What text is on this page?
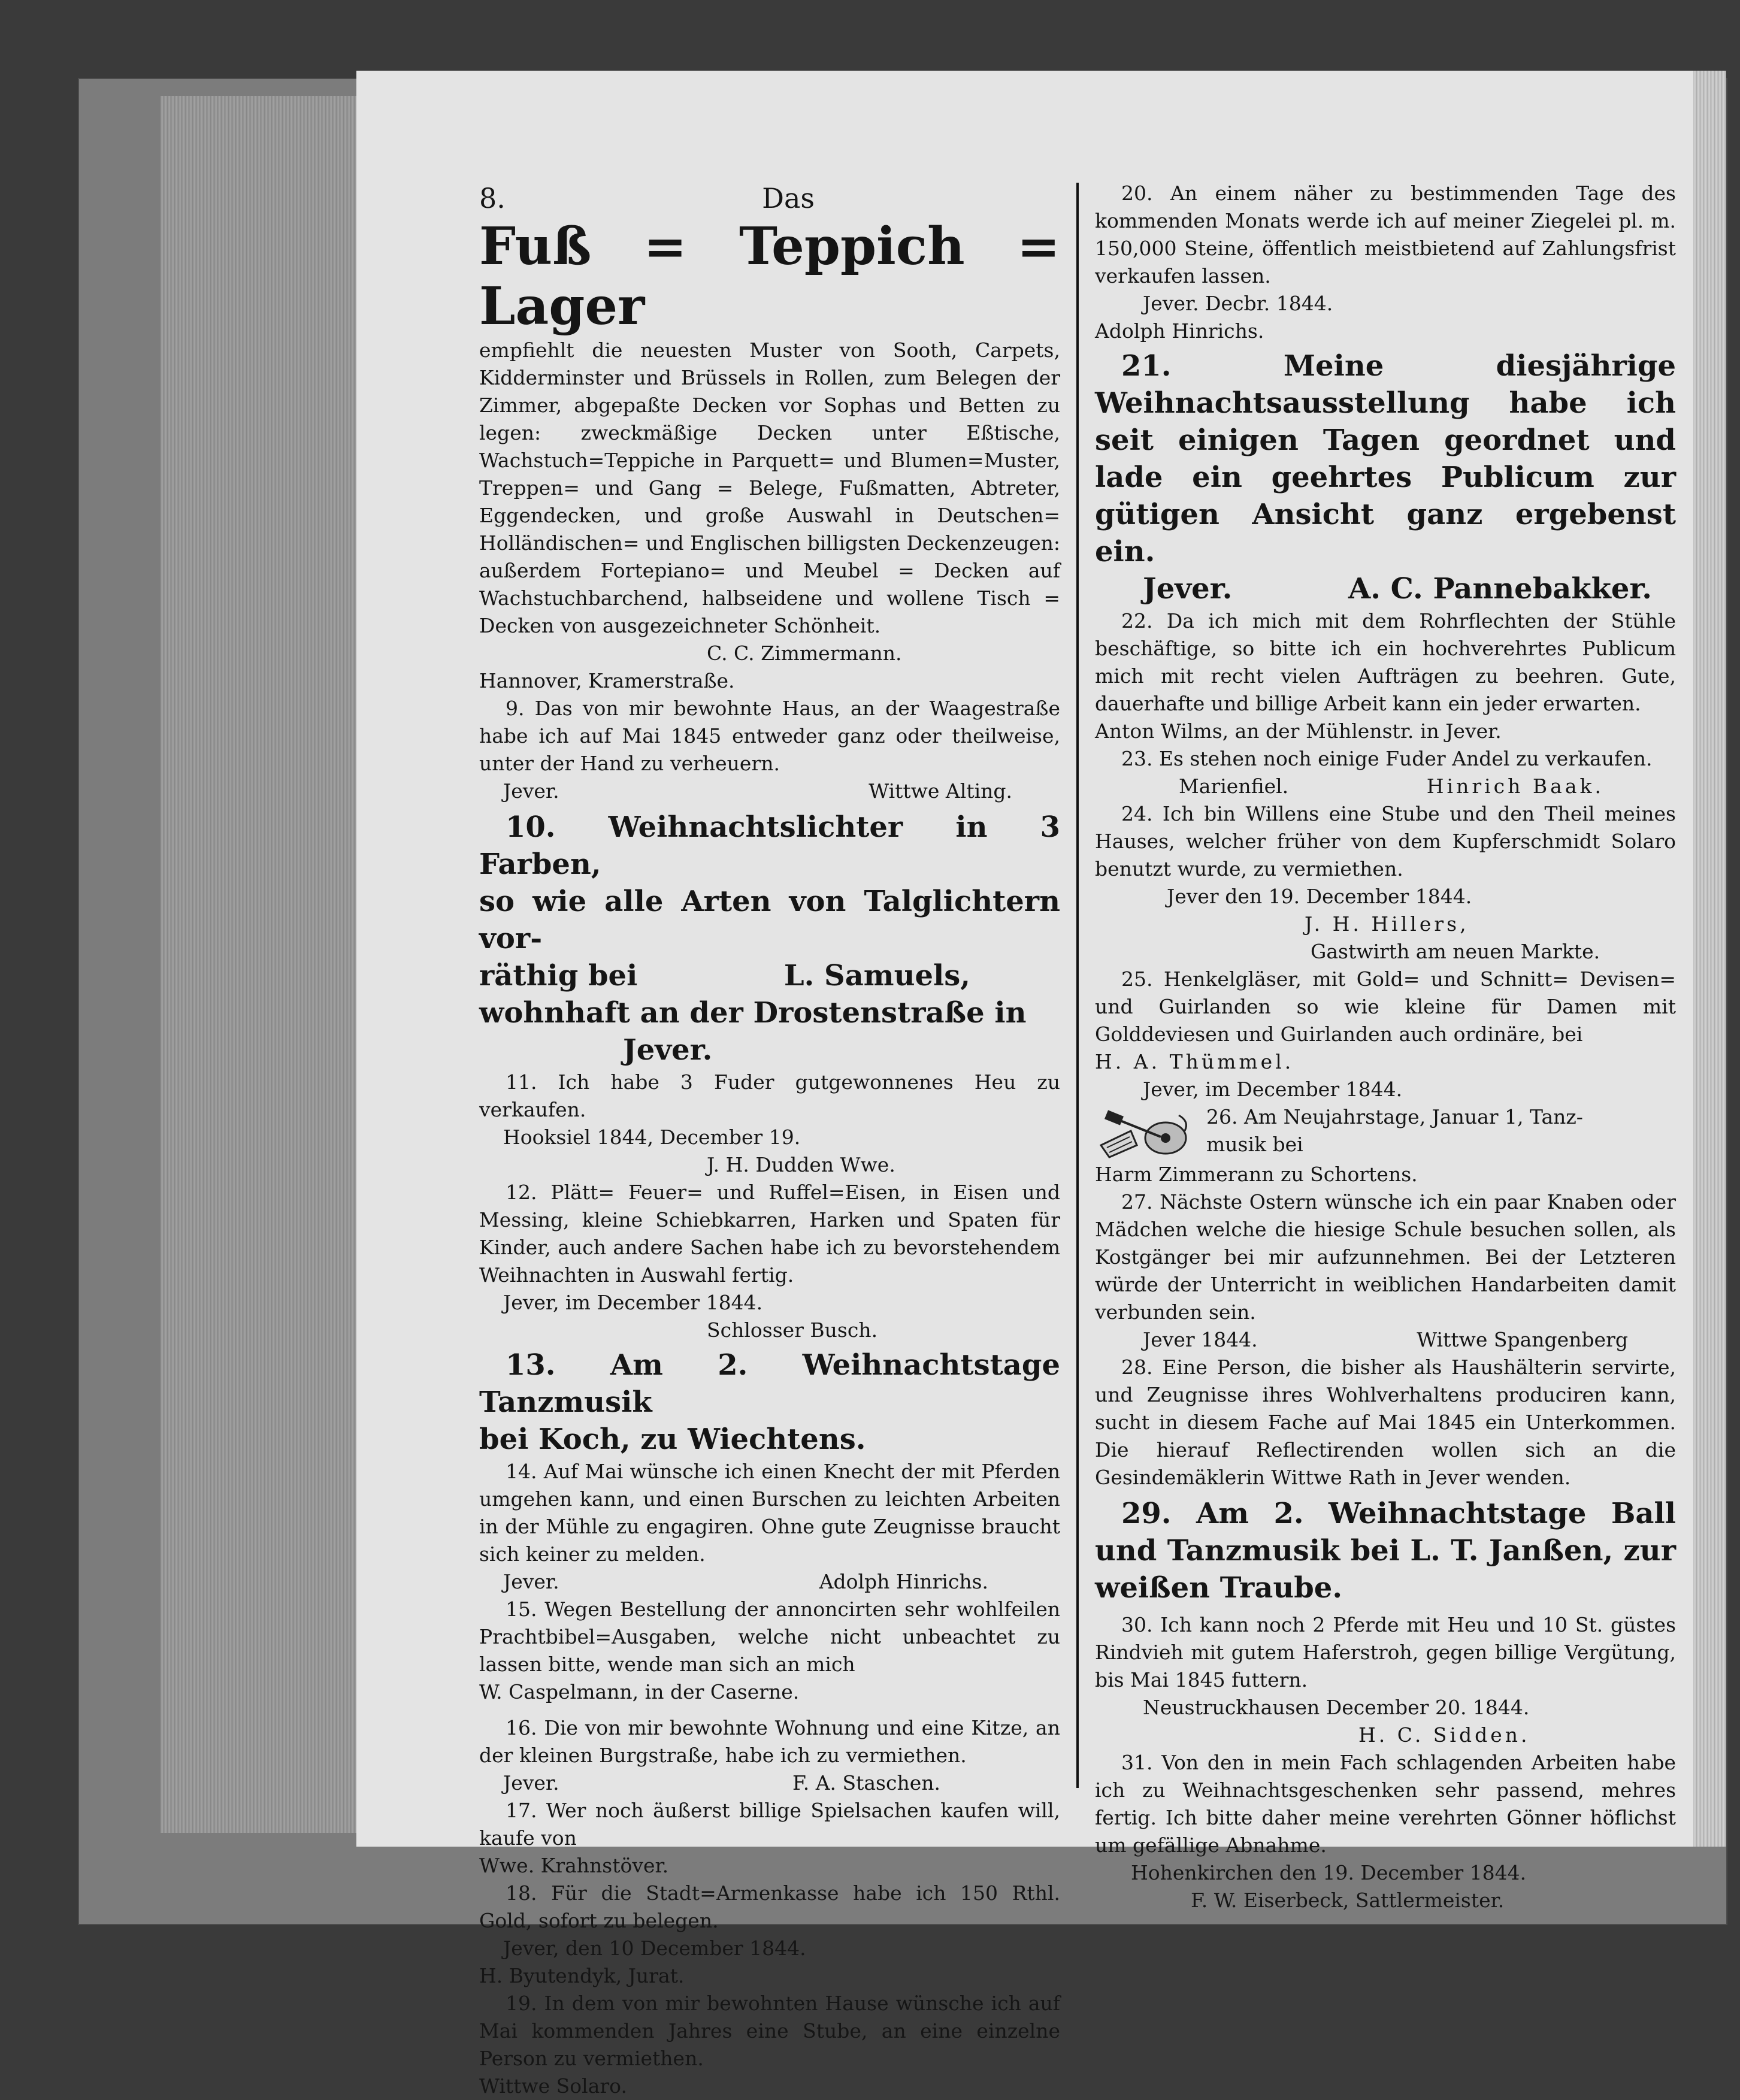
8.	Das

Fuß = Teppich = Lager

empfiehlt die neuesten Muster von Sooth, Carpets, Kidderminster und Brüssels in Rollen, zum Belegen der Zimmer, abgepaßte Decken vor Sophas und Betten zu legen: zweckmäßige Decken unter Eßtische, Wachstuch=Teppiche in Parquett= und Blumen=Muster, Treppen= und Gang = Belege, Fußmatten, Abtreter, Eggendecken, und große Auswahl in Deutschen= Holländischen= und Englischen billigsten Deckenzeugen: außerdem Fortepiano= und Meubel = Decken auf Wachstuchbarchend, halbseidene und wollene Tisch = Decken von ausgezeichneter Schönheit.

C. C. Zimmermann.

Hannover, Kramerstraße.

9. Das von mir bewohnte Haus, an der Waagestraße habe ich auf Mai 1845 entweder ganz oder theilweise, unter der Hand zu verheuern.

Jever.	Wittwe Alting.

10. Weihnachtslichter in 3 Farben,

so wie alle Arten von Talglichtern vor-

räthig bei	L. Samuels,

wohnhaft an der Drostenstraße in

Jever.

11. Ich habe 3 Fuder gutgewonnenes Heu zu verkaufen.

Hooksiel 1844, December 19.

J. H. Dudden Wwe.

12. Plätt= Feuer= und Ruffel=Eisen, in Eisen und Messing, kleine Schiebkarren, Harken und Spaten für Kinder, auch andere Sachen habe ich zu bevorstehendem Weihnachten in Auswahl fertig.

Jever, im December 1844.

Schlosser Busch.

13. Am 2. Weihnachtstage Tanzmusik

bei Koch, zu Wiechtens.

14. Auf Mai wünsche ich einen Knecht der mit Pferden umgehen kann, und einen Burschen zu leichten Arbeiten in der Mühle zu engagiren. Ohne gute Zeugnisse braucht sich keiner zu melden.

Jever.	Adolph Hinrichs.

15. Wegen Bestellung der annoncirten sehr wohlfeilen Prachtbibel=Ausgaben, welche nicht unbeachtet zu lassen bitte, wende man sich an mich

W. Caspelmann, in der Caserne.

16. Die von mir bewohnte Wohnung und eine Kitze, an der kleinen Burgstraße, habe ich zu vermiethen.

Jever.	F. A. Staschen.

17. Wer noch äußerst billige Spielsachen kaufen will, kaufe von

Wwe. Krahnstöver.

18. Für die Stadt=Armenkasse habe ich 150 Rthl. Gold, sofort zu belegen.

Jever, den 10 December 1844.

H. Byutendyk, Jurat.

19. In dem von mir bewohnten Hause wünsche ich auf Mai kommenden Jahres eine Stube, an eine einzelne Person zu vermiethen.

Wittwe Solaro.

20. An einem näher zu bestimmenden Tage des kommenden Monats werde ich auf meiner Ziegelei pl. m. 150,000 Steine, öffentlich meistbietend auf Zahlungsfrist verkaufen lassen.

Jever. Decbr. 1844.

Adolph Hinrichs.

21. Meine diesjährige Weihnachtsausstellung habe ich seit einigen Tagen geordnet und lade ein geehrtes Publicum zur gütigen Ansicht ganz ergebenst ein.

Jever.	A. C. Pannebakker.

22. Da ich mich mit dem Rohrflechten der Stühle beschäftige, so bitte ich ein hochverehrtes Publicum mich mit recht vielen Aufträgen zu beehren. Gute, dauerhafte und billige Arbeit kann ein jeder erwarten.

Anton Wilms, an der Mühlenstr. in Jever.

23. Es stehen noch einige Fuder Andel zu verkaufen.

Marienfiel.	Hinrich Baak.

24. Ich bin Willens eine Stube und den Theil meines Hauses, welcher früher von dem Kupferschmidt Solaro benutzt wurde, zu vermiethen.

Jever den 19. December 1844.

J. H. Hillers,

Gastwirth am neuen Markte.

25. Henkelgläser, mit Gold= und Schnitt= Devisen= und Guirlanden so wie kleine für Damen mit Golddeviesen und Guirlanden auch ordinäre, bei

H. A. Thümmel.

Jever, im December 1844.

26. Am Neujahrstage, Januar 1, Tanz-

musik bei

Harm Zimmerann zu Schortens.

27. Nächste Ostern wünsche ich ein paar Knaben oder Mädchen welche die hiesige Schule besuchen sollen, als Kostgänger bei mir aufzunnehmen. Bei der Letzteren würde der Unterricht in weiblichen Handarbeiten damit verbunden sein.

Jever 1844.	Wittwe Spangenberg

28. Eine Person, die bisher als Haushälterin servirte, und Zeugnisse ihres Wohlverhaltens produciren kann, sucht in diesem Fache auf Mai 1845 ein Unterkommen. Die hierauf Reflectirenden wollen sich an die Gesindemäklerin Wittwe Rath in Jever wenden.

29. Am 2. Weihnachtstage Ball und Tanzmusik bei L. T. Janßen, zur weißen Traube.

30. Ich kann noch 2 Pferde mit Heu und 10 St. güstes Rindvieh mit gutem Haferstroh, gegen billige Vergütung, bis Mai 1845 futtern.

Neustruckhausen December 20. 1844.

H. C. Sidden.

31. Von den in mein Fach schlagenden Arbeiten habe ich zu Weihnachtsgeschenken sehr passend, mehres fertig. Ich bitte daher meine verehrten Gönner höflichst um gefällige Abnahme.

Hohenkirchen den 19. December 1844.

F. W. Eiserbeck, Sattlermeister.
